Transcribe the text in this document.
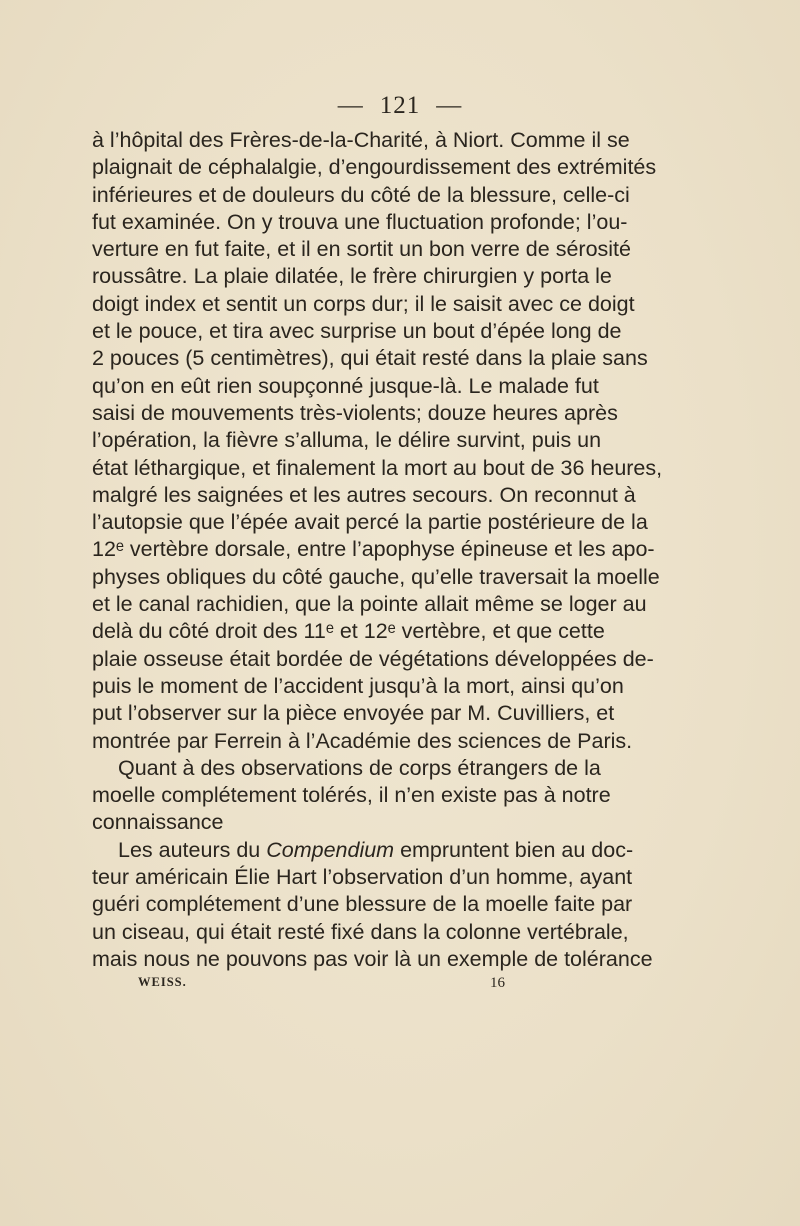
— 121 —
à l’hôpital des Frères-de-la-Charité, à Niort. Comme il se
plaignait de céphalalgie, d’engourdissement des extrémités
inférieures et de douleurs du côté de la blessure, celle-ci
fut examinée. On y trouva une fluctuation profonde; l’ou-
verture en fut faite, et il en sortit un bon verre de sérosité
roussâtre. La plaie dilatée, le frère chirurgien y porta le
doigt index et sentit un corps dur; il le saisit avec ce doigt
et le pouce, et tira avec surprise un bout d’épée long de
2 pouces (5 centimètres), qui était resté dans la plaie sans
qu’on en eût rien soupçonné jusque-là. Le malade fut
saisi de mouvements très-violents; douze heures après
l’opération, la fièvre s’alluma, le délire survint, puis un
état léthargique, et finalement la mort au bout de 36 heures,
malgré les saignées et les autres secours. On reconnut à
l’autopsie que l’épée avait percé la partie postérieure de la
12ᵉ vertèbre dorsale, entre l’apophyse épineuse et les apo-
physes obliques du côté gauche, qu’elle traversait la moelle
et le canal rachidien, que la pointe allait même se loger au
delà du côté droit des 11ᵉ et 12ᵉ vertèbre, et que cette
plaie osseuse était bordée de végétations développées de-
puis le moment de l’accident jusqu’à la mort, ainsi qu’on
put l’observer sur la pièce envoyée par M. Cuvilliers, et
montrée par Ferrein à l’Académie des sciences de Paris.
Quant à des observations de corps étrangers de la
moelle complétement tolérés, il n’en existe pas à notre
connaissance
Les auteurs du Compendium empruntent bien au doc-
teur américain Élie Hart l’observation d’un homme, ayant
guéri complétement d’une blessure de la moelle faite par
un ciseau, qui était resté fixé dans la colonne vertébrale,
mais nous ne pouvons pas voir là un exemple de tolérance
WEISS.	16
